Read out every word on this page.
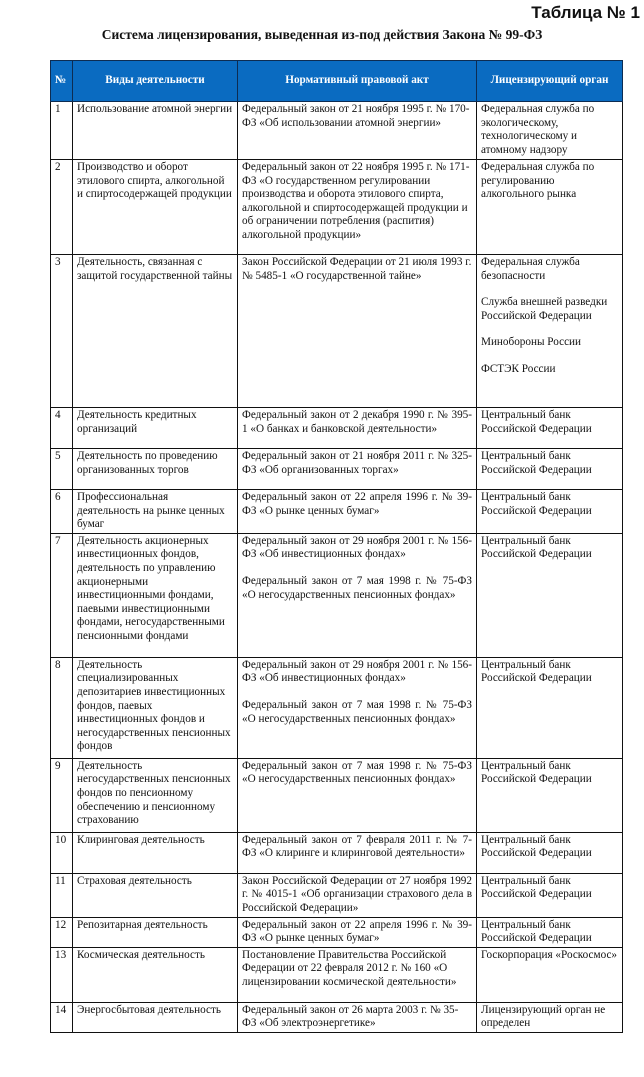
Таблица № 1
Система лицензирования, выведенная из-под действия Закона № 99-ФЗ
№	Виды деятельности	Нормативный правовой акт	Лицензирующий орган
1	Использование атомной энергии	Федеральный закон от 21 ноября 1995 г. № 170-ФЗ «Об использовании атомной энергии»	Федеральная служба по экологическому, технологическому и атомному надзору

2	Производство и оборот этилового спирта, алкогольной и спиртосодержащей продукции	Федеральный закон от 22 ноября 1995 г. № 171-ФЗ «О государственном регулировании производства и оборота этилового спирта, алкогольной и спиртосодержащей продукции и об ограничении потребления (распития) алкогольной продукции»	Федеральная служба по регулированию алкогольного рынка

3	Деятельность, связанная с защитой государственной тайны	Закон Российской Федерации от 21 июля 1993 г. № 5485-1 «О государственной тайне»	Федеральная служба безопасности
Служба внешней разведки Российской Федерации
Минобороны России
ФСТЭК России

4	Деятельность кредитных организаций	Федеральный закон от 2 декабря 1990 г. № 395-1 «О банках и банковской деятельности»	Центральный банк Российской Федерации

5	Деятельность по проведению организованных торгов	Федеральный закон от 21 ноября 2011 г. № 325-ФЗ «Об организованных торгах»	Центральный банк Российской Федерации

6	Профессиональная деятельность на рынке ценных бумаг	Федеральный закон от 22 апреля 1996 г. № 39-ФЗ «О рынке ценных бумаг»	Центральный банк Российской Федерации

7	Деятельность акционерных инвестиционных фондов, деятельность по управлению акционерными инвестиционными фондами, паевыми инвестиционными фондами, негосударственными пенсионными фондами	Федеральный закон от 29 ноября 2001 г. № 156-ФЗ «Об инвестиционных фондах»
Федеральный закон от 7 мая 1998 г. № 75-ФЗ «О негосударственных пенсионных фондах»	Центральный банк Российской Федерации

8	Деятельность специализированных депозитариев инвестиционных фондов, паевых инвестиционных фондов и негосударственных пенсионных фондов	Федеральный закон от 29 ноября 2001 г. № 156-ФЗ «Об инвестиционных фондах»
Федеральный закон от 7 мая 1998 г. № 75-ФЗ «О негосударственных пенсионных фондах»	Центральный банк Российской Федерации

9	Деятельность негосударственных пенсионных фондов по пенсионному обеспечению и пенсионному страхованию	Федеральный закон от 7 мая 1998 г. № 75-ФЗ «О негосударственных пенсионных фондах»	Центральный банк Российской Федерации

10	Клиринговая деятельность	Федеральный закон от 7 февраля 2011 г. № 7-ФЗ «О клиринге и клиринговой деятельности»	Центральный банк Российской Федерации

11	Страховая деятельность	Закон Российской Федерации от 27 ноября 1992 г. № 4015-1 «Об организации страхового дела в Российской Федерации»	Центральный банк Российской Федерации

12	Репозитарная деятельность	Федеральный закон от 22 апреля 1996 г. № 39-ФЗ «О рынке ценных бумаг»	Центральный банк Российской Федерации

13	Космическая деятельность	Постановление Правительства Российской Федерации от 22 февраля 2012 г. № 160 «О лицензировании космической деятельности»	Госкорпорация «Роскосмос»

14	Энергосбытовая деятельность	Федеральный закон от 26 марта 2003 г. № 35-ФЗ «Об электроэнергетике»	Лицензирующий орган не определен
